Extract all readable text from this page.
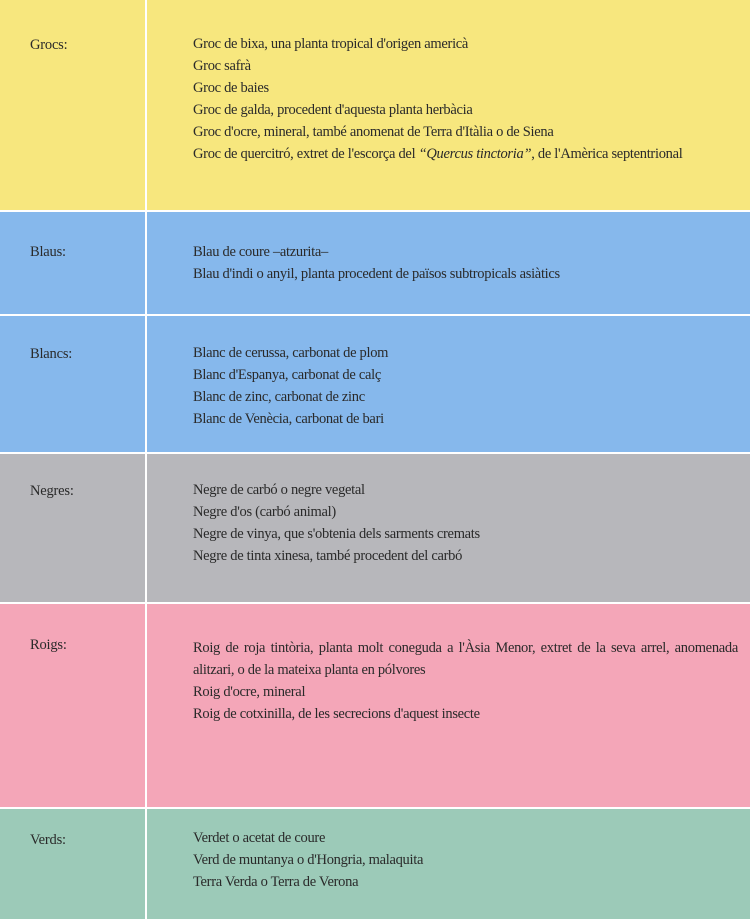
Grocs:	Groc de bixa, una planta tropical d'origen americà
Groc safrà
Groc de baies
Groc de galda, procedent d'aquesta planta herbàcia
Groc d'ocre, mineral, també anomenat de Terra d'Itàlia o de Siena
Groc de quercitró, extret de l'escorça del “Quercus tinctoria”, de l'Amèrica septentrional
Blaus:	Blau de coure –atzurita–
Blau d'indi o anyil, planta procedent de països subtropicals asiàtics
Blancs:	Blanc de cerussa, carbonat de plom
Blanc d'Espanya, carbonat de calç
Blanc de zinc, carbonat de zinc
Blanc de Venècia, carbonat de bari
Negres:	Negre de carbó o negre vegetal
Negre d'os (carbó animal)
Negre de vinya, que s'obtenia dels sarments cremats
Negre de tinta xinesa, també procedent del carbó
Roigs:	Roig de roja tintòria, planta molt coneguda a l'Àsia Menor, extret de la seva arrel, anomenada alitzari, o de la mateixa planta en pólvores
Roig d'ocre, mineral
Roig de cotxinilla, de les secrecions d'aquest insecte
Verds:	Verdet o acetat de coure
Verd de muntanya o d'Hongria, malaquita
Terra Verda o Terra de Verona
